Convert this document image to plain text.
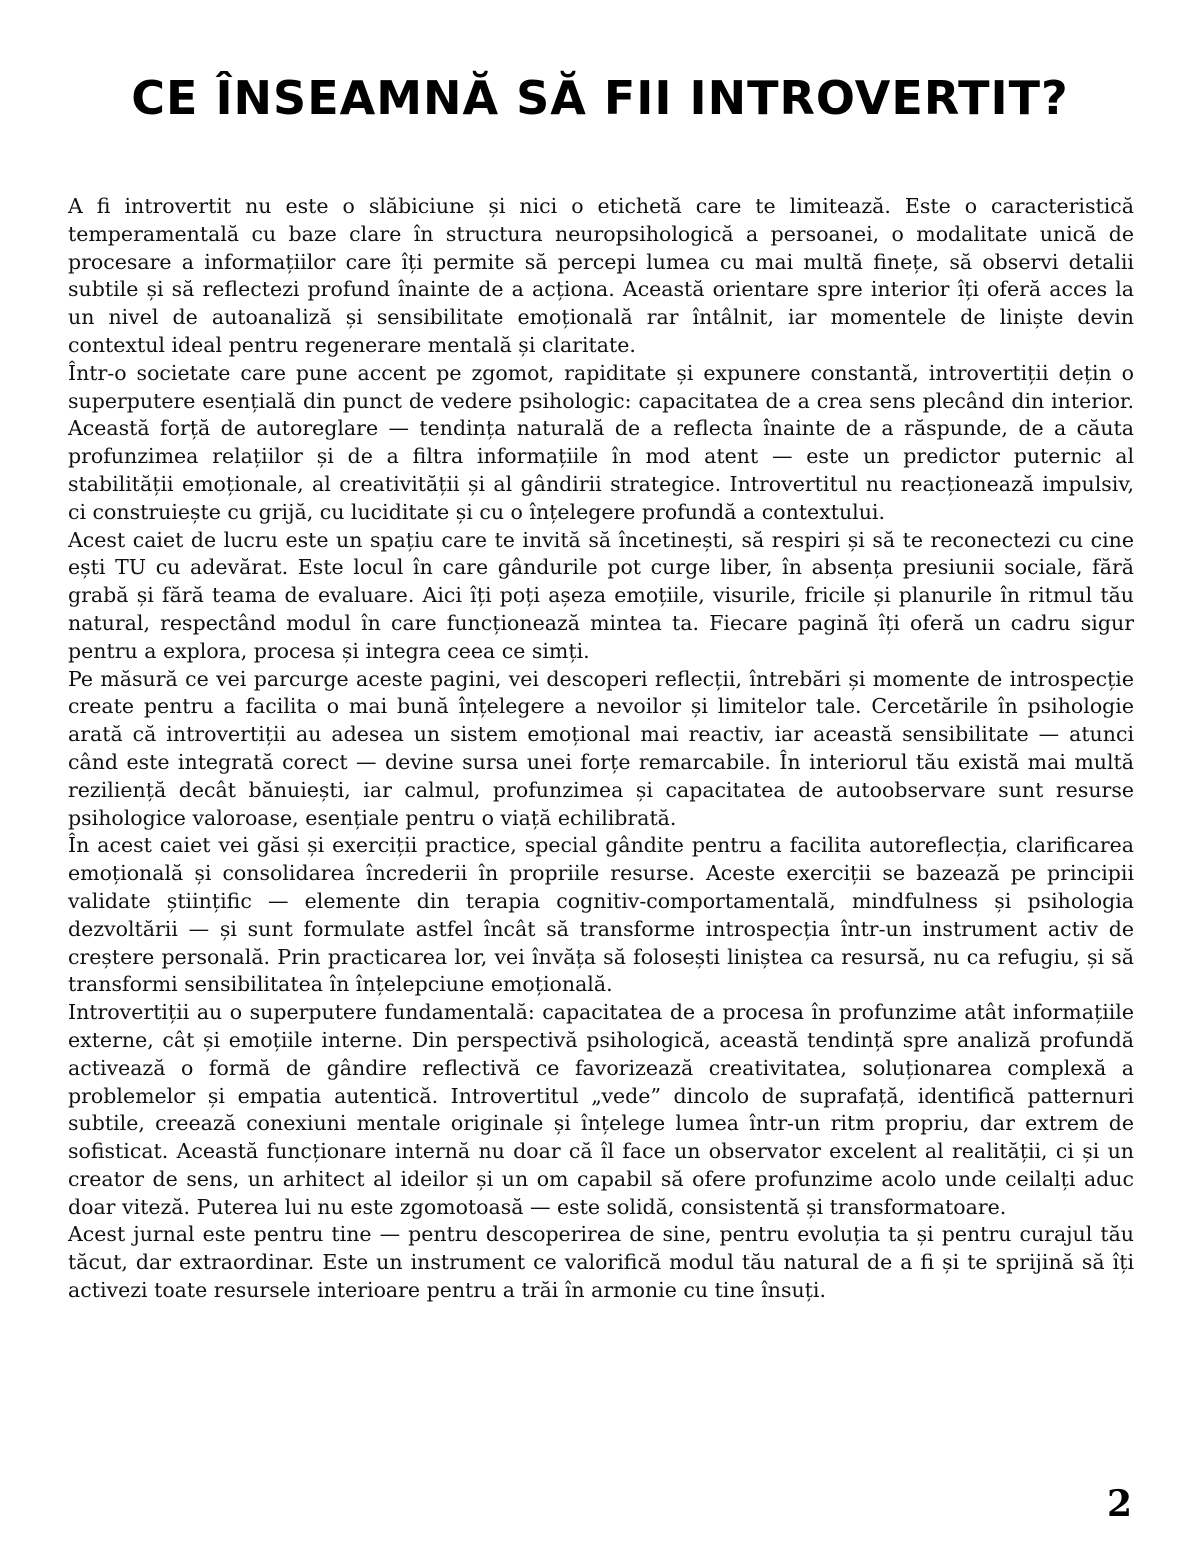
CE ÎNSEAMNĂ SĂ FII INTROVERTIT?

A fi introvertit nu este o slăbiciune și nici o etichetă care te limitează. Este o caracteristică temperamentală cu baze clare în structura neuropsihologică a persoanei, o modalitate unică de procesare a informațiilor care îți permite să percepi lumea cu mai multă finețe, să observi detalii subtile și să reflectezi profund înainte de a acționa. Această orientare spre interior îți oferă acces la un nivel de autoanaliză și sensibilitate emoțională rar întâlnit, iar momentele de liniște devin contextul ideal pentru regenerare mentală și claritate.

Într-o societate care pune accent pe zgomot, rapiditate și expunere constantă, introvertiții dețin o superputere esențială din punct de vedere psihologic: capacitatea de a crea sens plecând din interior. Această forță de autoreglare — tendința naturală de a reflecta înainte de a răspunde, de a căuta profunzimea relațiilor și de a filtra informațiile în mod atent — este un predictor puternic al stabilității emoționale, al creativității și al gândirii strategice. Introvertitul nu reacționează impulsiv, ci construiește cu grijă, cu luciditate și cu o înțelegere profundă a contextului.

Acest caiet de lucru este un spațiu care te invită să încetinești, să respiri și să te reconectezi cu cine ești TU cu adevărat. Este locul în care gândurile pot curge liber, în absența presiunii sociale, fără grabă și fără teama de evaluare. Aici îți poți așeza emoțiile, visurile, fricile și planurile în ritmul tău natural, respectând modul în care funcționează mintea ta. Fiecare pagină îți oferă un cadru sigur pentru a explora, procesa și integra ceea ce simți.

Pe măsură ce vei parcurge aceste pagini, vei descoperi reflecții, întrebări și momente de introspecție create pentru a facilita o mai bună înțelegere a nevoilor și limitelor tale. Cercetările în psihologie arată că introvertiții au adesea un sistem emoțional mai reactiv, iar această sensibilitate — atunci când este integrată corect — devine sursa unei forțe remarcabile. În interiorul tău există mai multă reziliență decât bănuiești, iar calmul, profunzimea și capacitatea de autoobservare sunt resurse psihologice valoroase, esențiale pentru o viață echilibrată.

În acest caiet vei găsi și exerciții practice, special gândite pentru a facilita autoreflecția, clarificarea emoțională și consolidarea încrederii în propriile resurse. Aceste exerciții se bazează pe principii validate științific — elemente din terapia cognitiv-comportamentală, mindfulness și psihologia dezvoltării — și sunt formulate astfel încât să transforme introspecția într-un instrument activ de creștere personală. Prin practicarea lor, vei învăța să folosești liniștea ca resursă, nu ca refugiu, și să transformi sensibilitatea în înțelepciune emoțională.

Introvertiții au o superputere fundamentală: capacitatea de a procesa în profunzime atât informațiile externe, cât și emoțiile interne. Din perspectivă psihologică, această tendință spre analiză profundă activează o formă de gândire reflectivă ce favorizează creativitatea, soluționarea complexă a problemelor și empatia autentică. Introvertitul „vede” dincolo de suprafață, identifică patternuri subtile, creează conexiuni mentale originale și înțelege lumea într-un ritm propriu, dar extrem de sofisticat. Această funcționare internă nu doar că îl face un observator excelent al realității, ci și un creator de sens, un arhitect al ideilor și un om capabil să ofere profunzime acolo unde ceilalți aduc doar viteză. Puterea lui nu este zgomotoasă — este solidă, consistentă și transformatoare.

Acest jurnal este pentru tine — pentru descoperirea de sine, pentru evoluția ta și pentru curajul tău tăcut, dar extraordinar. Este un instrument ce valorifică modul tău natural de a fi și te sprijină să îți activezi toate resursele interioare pentru a trăi în armonie cu tine însuți.

2
